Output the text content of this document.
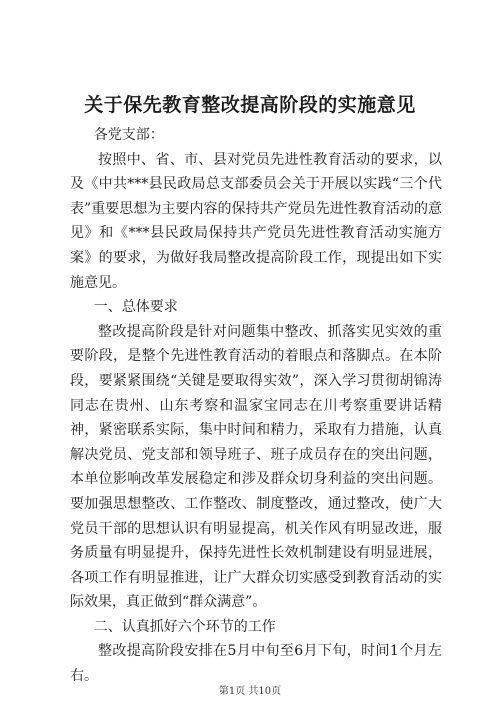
关于保先教育整改提高阶段的实施意见

各党支部：

按照中、省、市、县对党员先进性教育活动的要求，以及《中共***县民政局总支部委员会关于开展以实践“三个代表”重要思想为主要内容的保持共产党员先进性教育活动的意见》和《***县民政局保持共产党员先进性教育活动实施方案》的要求，为做好我局整改提高阶段工作，现提出如下实施意见。

一、总体要求

整改提高阶段是针对问题集中整改、抓落实见实效的重要阶段，是整个先进性教育活动的着眼点和落脚点。在本阶段，要紧紧围绕“关键是要取得实效”，深入学习贯彻胡锦涛同志在贵州、山东考察和温家宝同志在川考察重要讲话精神，紧密联系实际，集中时间和精力，采取有力措施，认真解决党员、党支部和领导班子、班子成员存在的突出问题，本单位影响改革发展稳定和涉及群众切身利益的突出问题。要加强思想整改、工作整改、制度整改，通过整改，使广大党员干部的思想认识有明显提高，机关作风有明显改进，服务质量有明显提升，保持先进性长效机制建设有明显进展，各项工作有明显推进，让广大群众切实感受到教育活动的实际效果，真正做到“群众满意”。

二、认真抓好六个环节的工作

整改提高阶段安排在5月中旬至6月下旬，时间1个月左右。

第1页 共10页
